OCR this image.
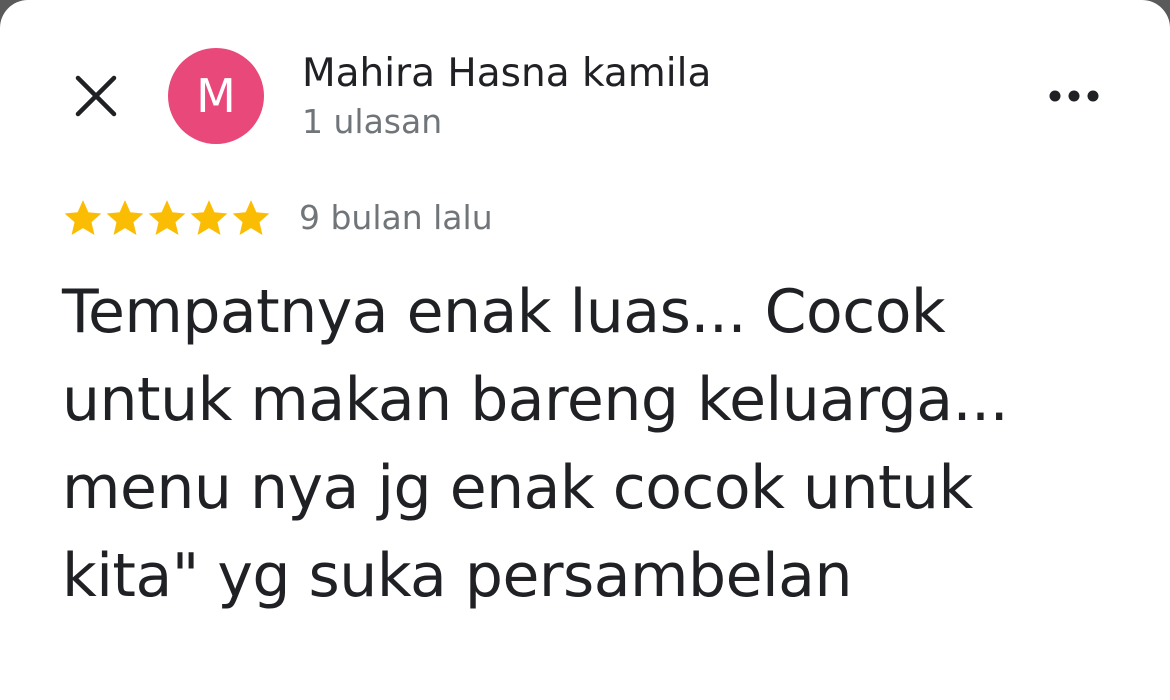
M Mahira Hasna kamila
1 ulasan
9 bulan lalu

Tempatnya enak luas... Cocok
untuk makan bareng keluarga...
menu nya jg enak cocok untuk
kita" yg suka persambelan
